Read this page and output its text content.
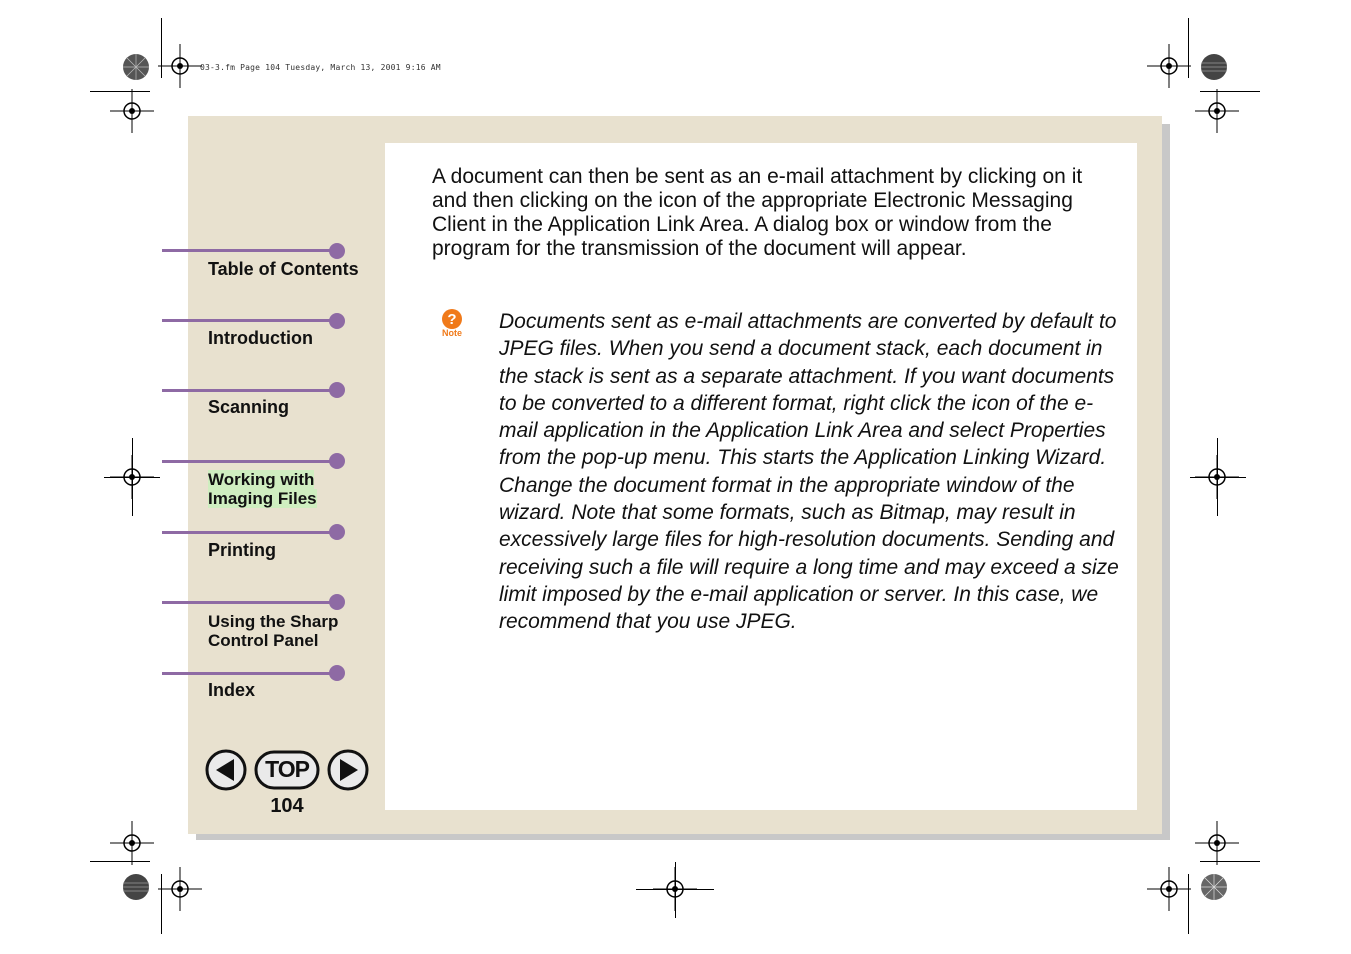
03-3.fm Page 104 Tuesday, March 13, 2001 9:16 AM
Table of Contents
Introduction
Scanning
Working with
Imaging Files
Printing
Using the Sharp
Control Panel
Index
TOP
104

A document can then be sent as an e-mail attachment by clicking on it and then clicking on the icon of the appropriate Electronic Messaging Client in the Application Link Area. A dialog box or window from the program for the transmission of the document will appear.

?
Note Documents sent as e-mail attachments are converted by default to JPEG files. When you send a document stack, each document in the stack is sent as a separate attachment. If you want documents to be converted to a different format, right click the icon of the e-mail application in the Application Link Area and select Properties from the pop-up menu. This starts the Application Linking Wizard. Change the document format in the appropriate window of the wizard. Note that some formats, such as Bitmap, may result in excessively large files for high-resolution documents. Sending and receiving such a file will require a long time and may exceed a size limit imposed by the e-mail application or server. In this case, we recommend that you use JPEG.
